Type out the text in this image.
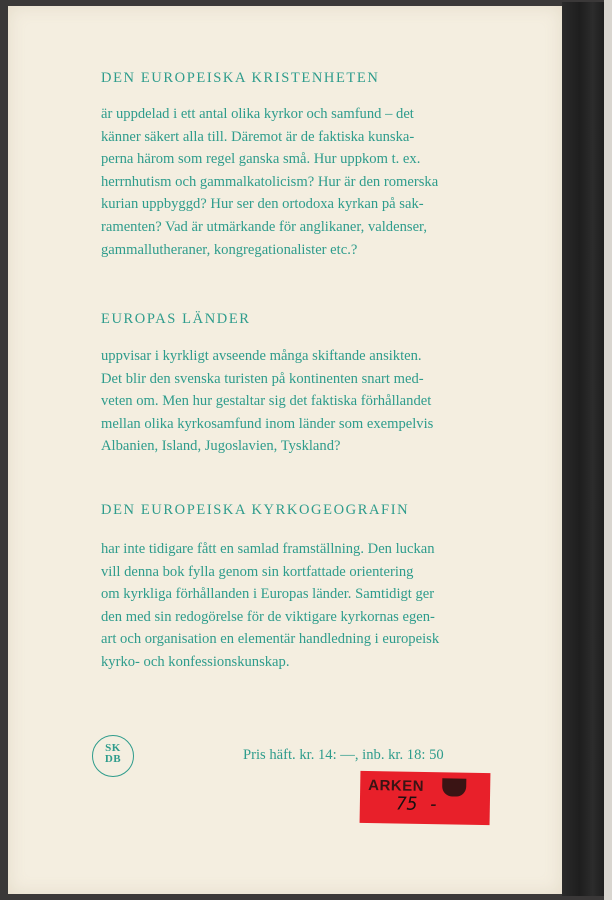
DEN EUROPEISKA KRISTENHETEN

är uppdelad i ett antal olika kyrkor och samfund – det
känner säkert alla till. Däremot är de faktiska kunska-
perna härom som regel ganska små. Hur uppkom t. ex.
herrnhutism och gammalkatolicism? Hur är den romerska
kurian uppbyggd? Hur ser den ortodoxa kyrkan på sak-
ramenten? Vad är utmärkande för anglikaner, valdenser,
gammallutheraner, kongregationalister etc.?

EUROPAS LÄNDER

uppvisar i kyrkligt avseende många skiftande ansikten.
Det blir den svenska turisten på kontinenten snart med-
veten om. Men hur gestaltar sig det faktiska förhållandet
mellan olika kyrkosamfund inom länder som exempelvis
Albanien, Island, Jugoslavien, Tyskland?

DEN EUROPEISKA KYRKOGEOGRAFIN

har inte tidigare fått en samlad framställning. Den luckan
vill denna bok fylla genom sin kortfattade orientering
om kyrkliga förhållanden i Europas länder. Samtidigt ger
den med sin redogörelse för de viktigare kyrkornas egen-
art och organisation en elementär handledning i europeisk
kyrko- och konfessionskunskap.

SK
DB	Pris häft. kr. 14: —, inb. kr. 18: 50
ARKEN
75 -
